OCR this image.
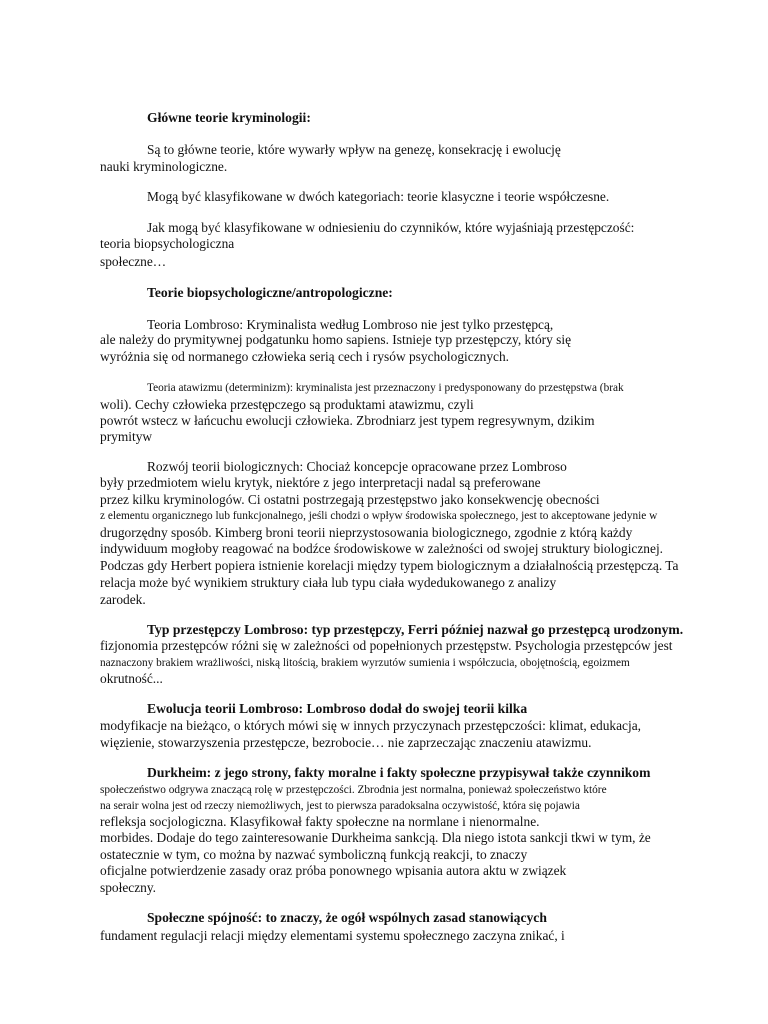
Główne teorie kryminologii:
Są to główne teorie, które wywarły wpływ na genezę, konsekrację i ewolucję
nauki kryminologiczne.
Mogą być klasyfikowane w dwóch kategoriach: teorie klasyczne i teorie współczesne.
Jak mogą być klasyfikowane w odniesieniu do czynników, które wyjaśniają przestępczość:
teoria biopsychologiczna
społeczne…
Teorie biopsychologiczne/antropologiczne:
Teoria Lombroso: Kryminalista według Lombroso nie jest tylko przestępcą,
ale należy do prymitywnej podgatunku homo sapiens. Istnieje typ przestępczy, który się
wyróżnia się od normanego człowieka serią cech i rysów psychologicznych.
Teoria atawizmu (determinizm): kryminalista jest przeznaczony i predysponowany do przestępstwa (brak
woli). Cechy człowieka przestępczego są produktami atawizmu, czyli
powrót wstecz w łańcuchu ewolucji człowieka. Zbrodniarz jest typem regresywnym, dzikim
prymityw
Rozwój teorii biologicznych: Chociaż koncepcje opracowane przez Lombroso
były przedmiotem wielu krytyk, niektóre z jego interpretacji nadal są preferowane
przez kilku kryminologów. Ci ostatni postrzegają przestępstwo jako konsekwencję obecności
z elementu organicznego lub funkcjonalnego, jeśli chodzi o wpływ środowiska społecznego, jest to akceptowane jedynie w
drugorzędny sposób. Kimberg broni teorii nieprzystosowania biologicznego, zgodnie z którą każdy
indywiduum mogłoby reagować na bodźce środowiskowe w zależności od swojej struktury biologicznej.
Podczas gdy Herbert popiera istnienie korelacji między typem biologicznym a działalnością przestępczą. Ta
relacja może być wynikiem struktury ciała lub typu ciała wydedukowanego z analizy
zarodek.
Typ przestępczy Lombroso: typ przestępczy, Ferri później nazwał go przestępcą urodzonym.
fizjonomia przestępców różni się w zależności od popełnionych przestępstw. Psychologia przestępców jest
naznaczony brakiem wrażliwości, niską litością, brakiem wyrzutów sumienia i współczucia, obojętnością, egoizmem
okrutność...
Ewolucja teorii Lombroso: Lombroso dodał do swojej teorii kilka
modyfikacje na bieżąco, o których mówi się w innych przyczynach przestępczości: klimat, edukacja,
więzienie, stowarzyszenia przestępcze, bezrobocie… nie zaprzeczając znaczeniu atawizmu.
Durkheim: z jego strony, fakty moralne i fakty społeczne przypisywał także czynnikom
społeczeństwo odgrywa znaczącą rolę w przestępczości. Zbrodnia jest normalna, ponieważ społeczeństwo które
na serair wolna jest od rzeczy niemożliwych, jest to pierwsza paradoksalna oczywistość, która się pojawia
refleksja socjologiczna. Klasyfikował fakty społeczne na normlane i nienormalne.
morbides. Dodaje do tego zainteresowanie Durkheima sankcją. Dla niego istota sankcji tkwi w tym, że
ostatecznie w tym, co można by nazwać symboliczną funkcją reakcji, to znaczy
oficjalne potwierdzenie zasady oraz próba ponownego wpisania autora aktu w związek
społeczny.
Społeczne spójność: to znaczy, że ogół wspólnych zasad stanowiących
fundament regulacji relacji między elementami systemu społecznego zaczyna znikać, i
